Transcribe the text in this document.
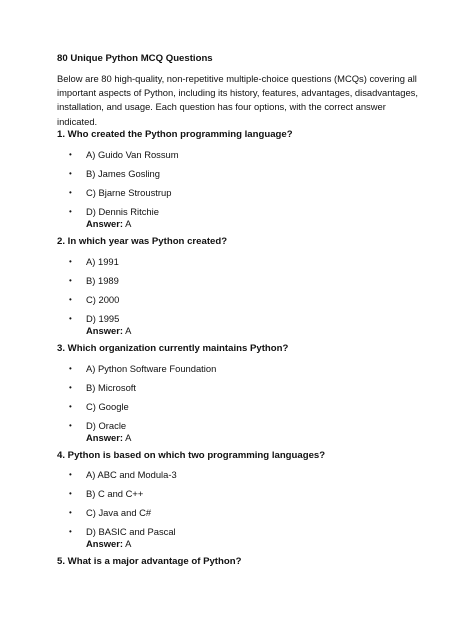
80 Unique Python MCQ Questions
Below are 80 high-quality, non-repetitive multiple-choice questions (MCQs) covering all important aspects of Python, including its history, features, advantages, disadvantages, installation, and usage. Each question has four options, with the correct answer indicated.
1. Who created the Python programming language?
• A) Guido Van Rossum
• B) James Gosling
• C) Bjarne Stroustrup
• D) Dennis Ritchie
Answer: A
2. In which year was Python created?
• A) 1991
• B) 1989
• C) 2000
• D) 1995
Answer: A
3. Which organization currently maintains Python?
• A) Python Software Foundation
• B) Microsoft
• C) Google
• D) Oracle
Answer: A
4. Python is based on which two programming languages?
• A) ABC and Modula-3
• B) C and C++
• C) Java and C#
• D) BASIC and Pascal
Answer: A
5. What is a major advantage of Python?
